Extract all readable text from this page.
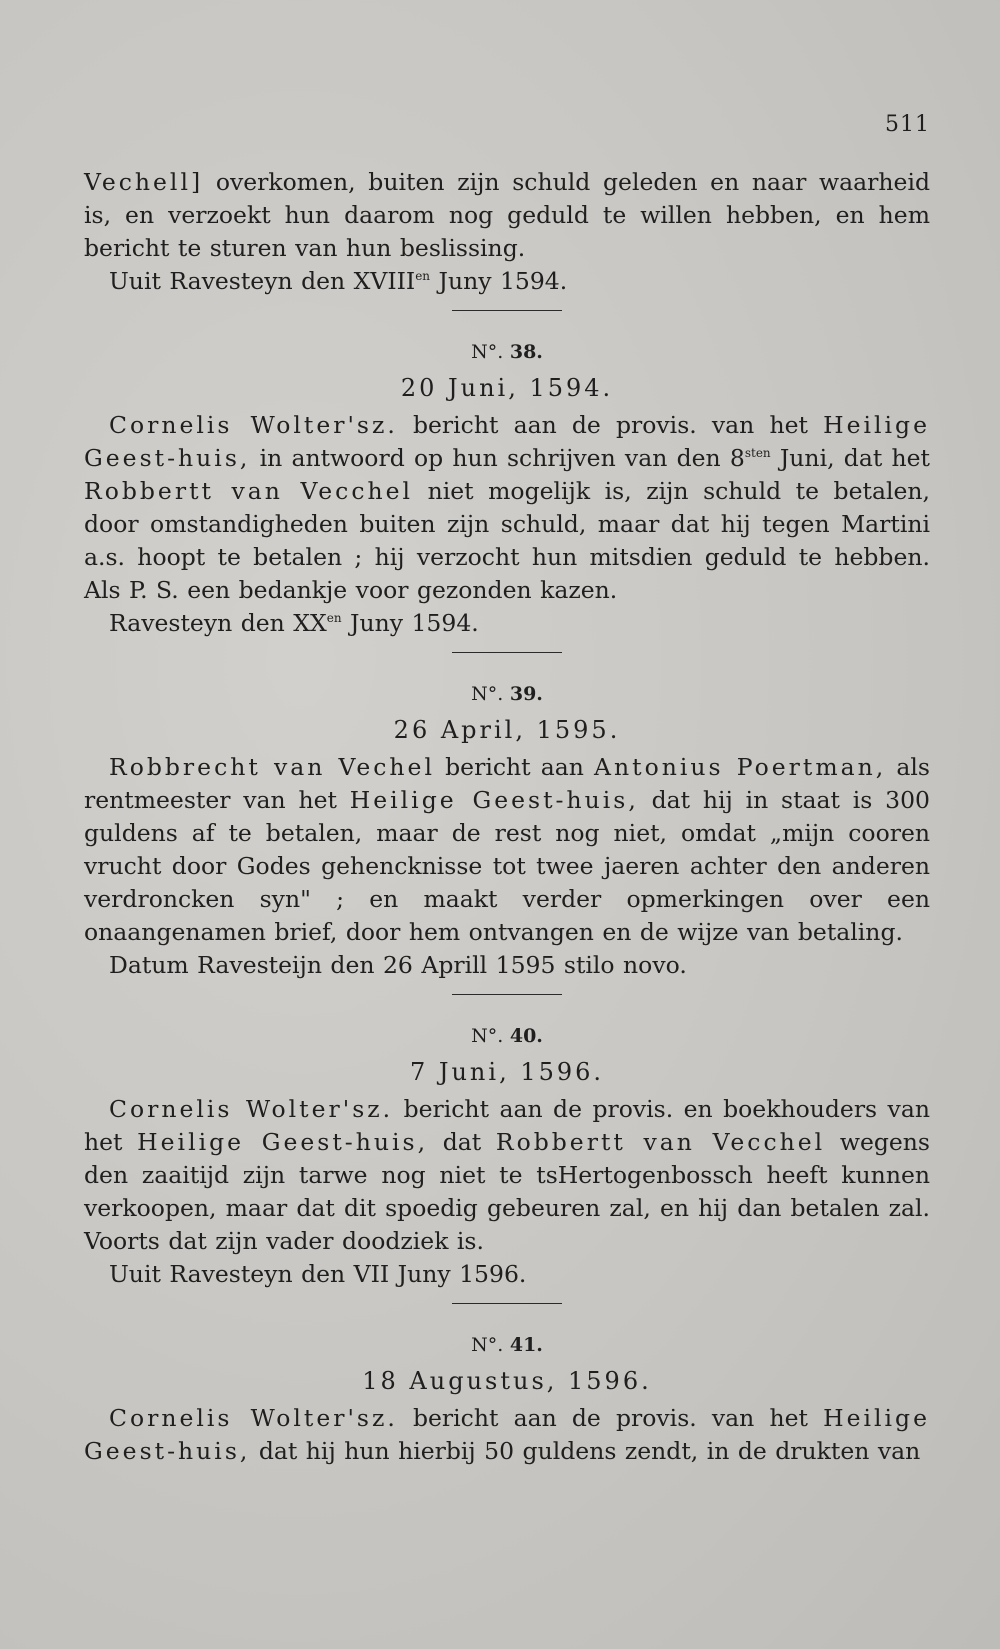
511

Vechell] overkomen, buiten zijn schuld geleden en naar waarheid is, en verzoekt hun daarom nog geduld te willen hebben, en hem bericht te sturen van hun beslissing.

Uuit Ravesteyn den $XVIII^{en}$ Juny 1594.

N°. 38.
20 Juni, 1594.

Cornelis Wolter'sz. bericht aan de provis. van het Heilige Geest-huis, in antwoord op hun schrijven van den $8^{sten}$ Juni, dat het Robbertt van Vecchel niet mogelijk is, zijn schuld te betalen, door omstandigheden buiten zijn schuld, maar dat hij tegen Martini a.s. hoopt te betalen ; hij verzocht hun mitsdien geduld te hebben. Als P. S. een bedankje voor gezonden kazen.

Ravesteyn den $XX^{en}$ Juny 1594.

N°. 39.
26 April, 1595.

Robbrecht van Vechel bericht aan Antonius Poertman, als rentmeester van het Heilige Geest-huis, dat hij in staat is 300 guldens af te betalen, maar de rest nog niet, omdat „mijn cooren vrucht door Godes gehencknisse tot twee jaeren achter den anderen verdroncken syn" ; en maakt verder opmerkingen over een onaangenamen brief, door hem ontvangen en de wijze van betaling.

Datum Ravesteijn den 26 Aprill 1595 stilo novo.

N°. 40.
7 Juni, 1596.

Cornelis Wolter'sz. bericht aan de provis. en boekhouders van het Heilige Geest-huis, dat Robbertt van Vecchel wegens den zaaitijd zijn tarwe nog niet te tsHertogenbossch heeft kunnen verkoopen, maar dat dit spoedig gebeuren zal, en hij dan betalen zal. Voorts dat zijn vader doodziek is.

Uuit Ravesteyn den VII Juny 1596.

N°. 41.
18 Augustus, 1596.

Cornelis Wolter'sz. bericht aan de provis. van het Heilige Geest-huis, dat hij hun hierbij 50 guldens zendt, in de drukten van
